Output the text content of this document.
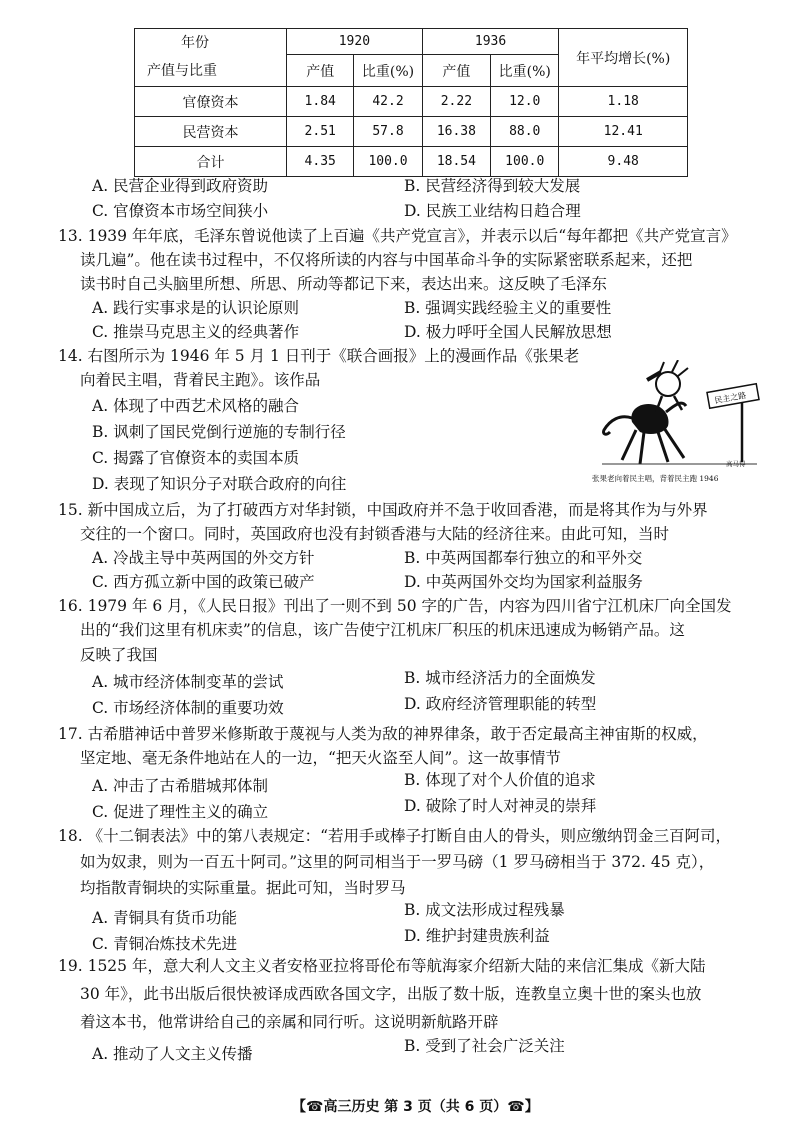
年份	1920		1936		年平均增长(%)
产值与比重	产值	比重(%)	产值	比重(%)	
官僚资本	1.84	42.2	2.22	12.0	1.18
民营资本	2.51	57.8	16.38	88.0	12.41
合计	4.35	100.0	18.54	100.0	9.48
A. 民营企业得到政府资助	B. 民营经济得到较大发展
C. 官僚资本市场空间狭小	D. 民族工业结构日趋合理
13. 1939 年年底，毛泽东曾说他读了上百遍《共产党宣言》，并表示以后“每年都把《共产党宣言》
读几遍”。他在读书过程中，不仅将所读的内容与中国革命斗争的实际紧密联系起来，还把
读书时自己头脑里所想、所思、所动等都记下来，表达出来。这反映了毛泽东
A. 践行实事求是的认识论原则	B. 强调实践经验主义的重要性
C. 推崇马克思主义的经典著作	D. 极力呼吁全国人民解放思想
14. 右图所示为 1946 年 5 月 1 日刊于《联合画报》上的漫画作品《张果老
向着民主唱，背着民主跑》。该作品
A. 体现了中西艺术风格的融合
B. 讽刺了国民党倒行逆施的专制行径
C. 揭露了官僚资本的卖国本质
D. 表现了知识分子对联合政府的向往
民主之路
高马得
张果老向着民主唱，背着民主跑 1946
15. 新中国成立后，为了打破西方对华封锁，中国政府并不急于收回香港，而是将其作为与外界
交往的一个窗口。同时，英国政府也没有封锁香港与大陆的经济往来。由此可知，当时
A. 冷战主导中英两国的外交方针	B. 中英两国都奉行独立的和平外交
C. 西方孤立新中国的政策已破产	D. 中英两国外交均为国家利益服务
16. 1979 年 6 月，《人民日报》刊出了一则不到 50 字的广告，内容为四川省宁江机床厂向全国发
出的“我们这里有机床卖”的信息，该广告使宁江机床厂积压的机床迅速成为畅销产品。这
反映了我国
A. 城市经济体制变革的尝试	B. 城市经济活力的全面焕发
C. 市场经济体制的重要功效	D. 政府经济管理职能的转型
17. 古希腊神话中普罗米修斯敢于蔑视与人类为敌的神界律条，敢于否定最高主神宙斯的权威，
坚定地、毫无条件地站在人的一边，“把天火盗至人间”。这一故事情节
A. 冲击了古希腊城邦体制	B. 体现了对个人价值的追求
C. 促进了理性主义的确立	D. 破除了时人对神灵的崇拜
18. 《十二铜表法》中的第八表规定：“若用手或棒子打断自由人的骨头，则应缴纳罚金三百阿司，
如为奴隶，则为一百五十阿司。”这里的阿司相当于一罗马磅（1 罗马磅相当于 372. 45 克），
均指散青铜块的实际重量。据此可知，当时罗马
A. 青铜具有货币功能	B. 成文法形成过程残暴
C. 青铜冶炼技术先进	D. 维护封建贵族利益
19. 1525 年，意大利人文主义者安格亚拉将哥伦布等航海家介绍新大陆的来信汇集成《新大陆
30 年》，此书出版后很快被译成西欧各国文字，出版了数十版，连教皇立奥十世的案头也放
着这本书，他常讲给自己的亲属和同行听。这说明新航路开辟
A. 推动了人文主义传播	B. 受到了社会广泛关注
【☎高三历史 第 3 页（共 6 页）☎】
